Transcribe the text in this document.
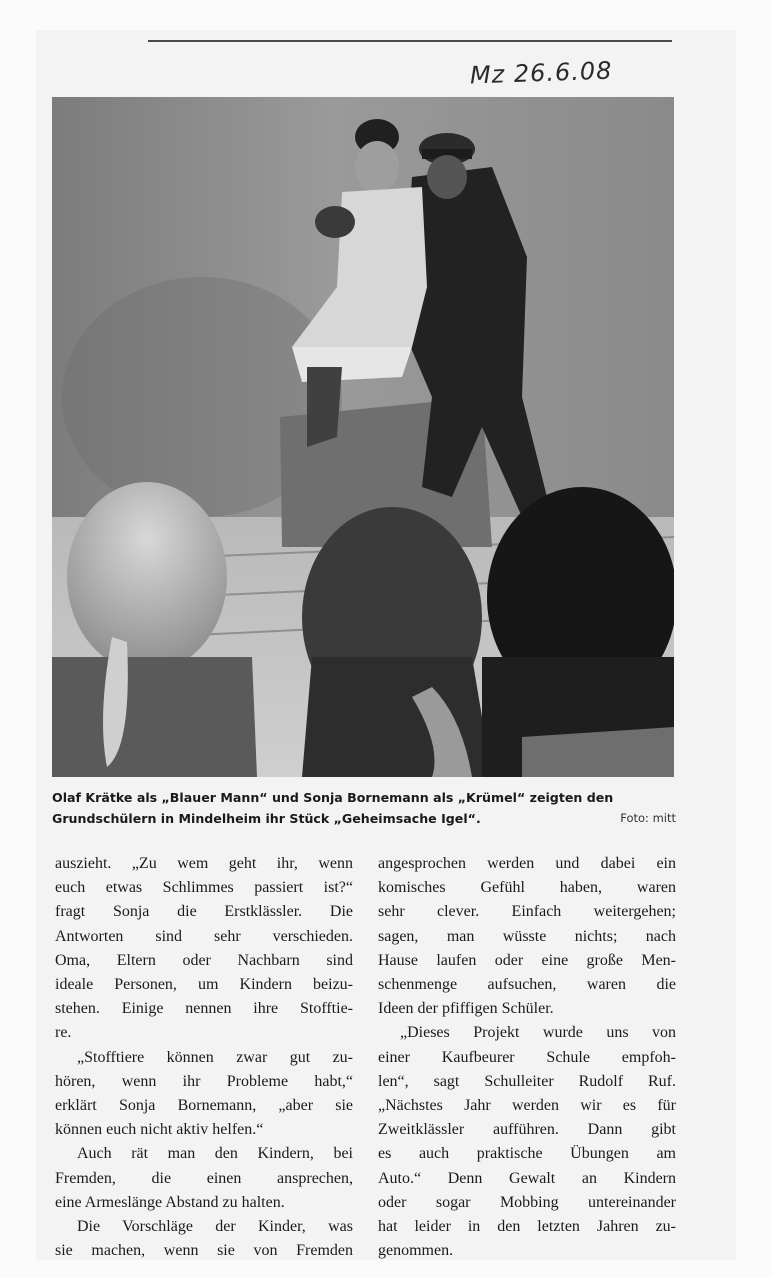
Mz 26.6.08
Olaf Krätke als „Blauer Mann“ und Sonja Bornemann als „Krümel“ zeigten den
Grundschülern in Mindelheim ihr Stück „Geheimsache Igel“.	Foto: mitt

auszieht. „Zu wem geht ihr, wenn
euch etwas Schlimmes passiert ist?“
fragt Sonja die Erstklässler. Die
Antworten sind sehr verschieden.
Oma, Eltern oder Nachbarn sind
ideale Personen, um Kindern beizu-
stehen. Einige nennen ihre Stofftie-
re.

„Stofftiere können zwar gut zu-
hören, wenn ihr Probleme habt,“
erklärt Sonja Bornemann, „aber sie
können euch nicht aktiv helfen.“

Auch rät man den Kindern, bei
Fremden, die einen ansprechen,
eine Armeslänge Abstand zu halten.

Die Vorschläge der Kinder, was
sie machen, wenn sie von Fremden

angesprochen werden und dabei ein
komisches Gefühl haben, waren
sehr clever. Einfach weitergehen;
sagen, man wüsste nichts; nach
Hause laufen oder eine große Men-
schenmenge aufsuchen, waren die
Ideen der pfiffigen Schüler.

„Dieses Projekt wurde uns von
einer Kaufbeurer Schule empfoh-
len“, sagt Schulleiter Rudolf Ruf.
„Nächstes Jahr werden wir es für
Zweitklässler aufführen. Dann gibt
es auch praktische Übungen am
Auto.“ Denn Gewalt an Kindern
oder sogar Mobbing untereinander
hat leider in den letzten Jahren zu-
genommen.
